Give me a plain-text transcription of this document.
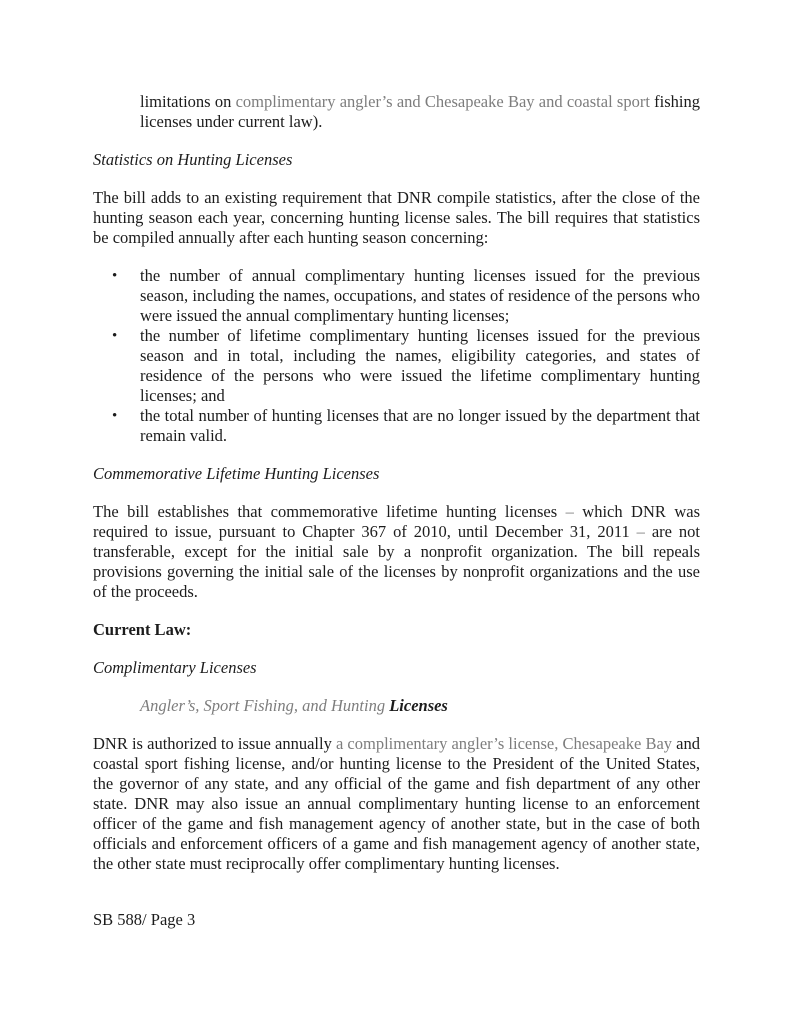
limitations on complimentary angler’s and Chesapeake Bay and coastal sport fishing licenses under current law).
Statistics on Hunting Licenses
The bill adds to an existing requirement that DNR compile statistics, after the close of the hunting season each year, concerning hunting license sales. The bill requires that statistics be compiled annually after each hunting season concerning:
•	the number of annual complimentary hunting licenses issued for the previous season, including the names, occupations, and states of residence of the persons who were issued the annual complimentary hunting licenses;
•	the number of lifetime complimentary hunting licenses issued for the previous season and in total, including the names, eligibility categories, and states of residence of the persons who were issued the lifetime complimentary hunting licenses; and
•	the total number of hunting licenses that are no longer issued by the department that remain valid.
Commemorative Lifetime Hunting Licenses
The bill establishes that commemorative lifetime hunting licenses – which DNR was required to issue, pursuant to Chapter 367 of 2010, until December 31, 2011 – are not transferable, except for the initial sale by a nonprofit organization. The bill repeals provisions governing the initial sale of the licenses by nonprofit organizations and the use of the proceeds.
Current Law:
Complimentary Licenses
Angler’s, Sport Fishing, and Hunting Licenses
DNR is authorized to issue annually a complimentary angler’s license, Chesapeake Bay and coastal sport fishing license, and/or hunting license to the President of the United States, the governor of any state, and any official of the game and fish department of any other state. DNR may also issue an annual complimentary hunting license to an enforcement officer of the game and fish management agency of another state, but in the case of both officials and enforcement officers of a game and fish management agency of another state, the other state must reciprocally offer complimentary hunting licenses.
SB 588/ Page 3
